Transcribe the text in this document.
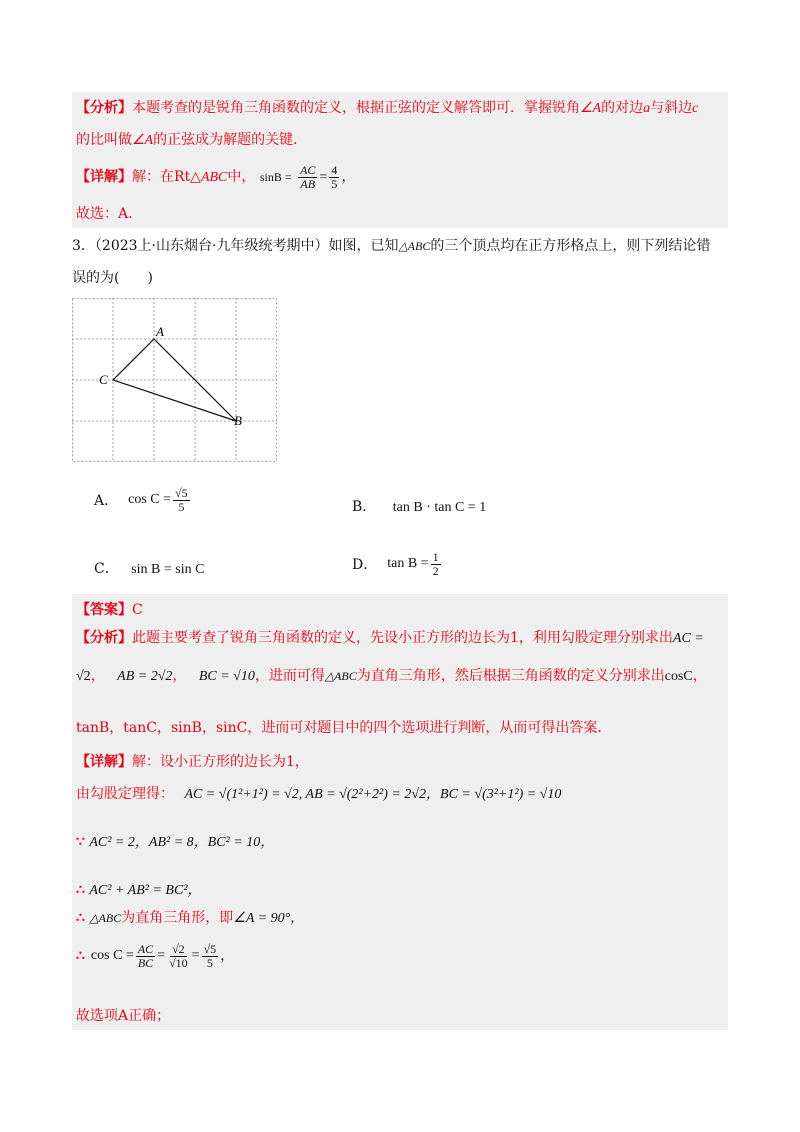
【分析】本题考查的是锐角三角函数的定义，根据正弦的定义解答即可．掌握锐角∠A的对边a与斜边c
的比叫做∠A的正弦成为解题的关键．
【详解】解：在Rt△ABC中， $\sin B = \frac{AC}{AB} = \frac{4}{5}$ ，
故选：A．
3．（2023上·山东烟台·九年级统考期中）如图，已知△ABC的三个顶点均在正方形格点上，则下列结论错
误的为(　　)
A
C
B
A． $\cos C = \frac{√5}{5}$	B． tan B · tan C = 1
C． sin B = sin C	D． $\tan B = \frac{1}{2}$
【答案】C
【分析】此题主要考查了锐角三角函数的定义，先设小正方形的边长为1，利用勾股定理分别求出AC =
√2， AB = 2√2， BC = √10，进而可得△ABC为直角三角形，然后根据三角函数的定义分别求出cosC，
tanB，tanC，sinB，sinC，进而可对题目中的四个选项进行判断，从而可得出答案．
【详解】解：设小正方形的边长为1，
由勾股定理得： AC = √(1²+1²) = √2, AB = √(2²+2²) = 2√2，BC = √(3²+1²) = √10
∵ AC² = 2，AB² = 8，BC² = 10，
∴ AC² + AB² = BC²，
∴ △ABC为直角三角形，即∠A = 90°，
∴ $\cos C = \frac{AC}{BC} = \frac{√2}{√10} = \frac{√5}{5}$ ，
故选项A正确；
